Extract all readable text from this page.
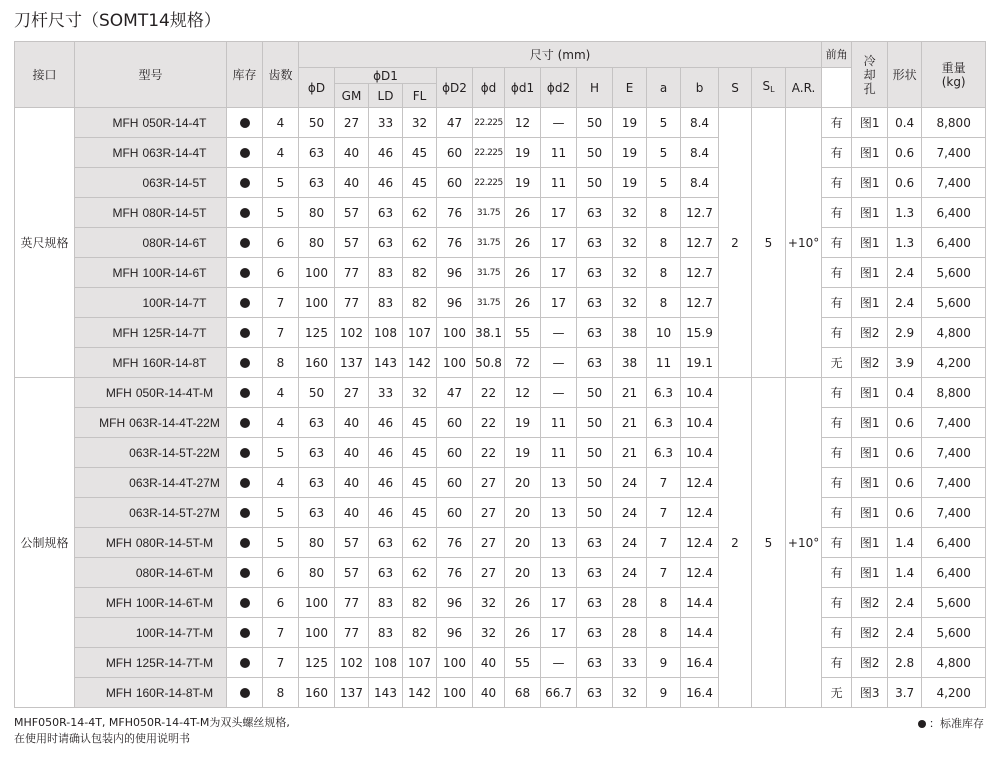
刀杆尺寸（SOMT14规格）
接口	型号	库存	齿数	尺寸 (mm)															前角	冷却孔	形状	重量
(kg)	

				ϕD	ϕD1			ϕD2	ϕd	ϕd1	ϕd2	H	E	a	b	S	$S_L$	A.R.					
					GM	LD	FL																
英尺规格	MFH 050R-14-4T		4	50	27	33	32	47	22.225	12	—	50	19	5	8.4	2	5	+10°	有	图1	0.4	8,800	
	MFH 063R-14-4T		4	63	40	46	45	60	22.225	19	11	50	19	5	8.4				有	图1	0.6	7,400	
	063R-14-5T		5	63	40	46	45	60	22.225	19	11	50	19	5	8.4				有	图1	0.6	7,400	
	MFH 080R-14-5T		5	80	57	63	62	76	31.75	26	17	63	32	8	12.7				有	图1	1.3	6,400	
	080R-14-6T		6	80	57	63	62	76	31.75	26	17	63	32	8	12.7				有	图1	1.3	6,400	
	MFH 100R-14-6T		6	100	77	83	82	96	31.75	26	17	63	32	8	12.7				有	图1	2.4	5,600	
	100R-14-7T		7	100	77	83	82	96	31.75	26	17	63	32	8	12.7				有	图1	2.4	5,600	
	MFH 125R-14-7T		7	125	102	108	107	100	38.1	55	—	63	38	10	15.9				有	图2	2.9	4,800	
	MFH 160R-14-8T		8	160	137	143	142	100	50.8	72	—	63	38	11	19.1				无	图2	3.9	4,200	
公制规格	MFH 050R-14-4T-M		4	50	27	33	32	47	22	12	—	50	21	6.3	10.4	2	5	+10°	有	图1	0.4	8,800	
	MFH 063R-14-4T-22M		4	63	40	46	45	60	22	19	11	50	21	6.3	10.4				有	图1	0.6	7,400	
	063R-14-5T-22M		5	63	40	46	45	60	22	19	11	50	21	6.3	10.4				有	图1	0.6	7,400	
	063R-14-4T-27M		4	63	40	46	45	60	27	20	13	50	24	7	12.4				有	图1	0.6	7,400	
	063R-14-5T-27M		5	63	40	46	45	60	27	20	13	50	24	7	12.4				有	图1	0.6	7,400	
	MFH 080R-14-5T-M		5	80	57	63	62	76	27	20	13	63	24	7	12.4				有	图1	1.4	6,400	
	080R-14-6T-M		6	80	57	63	62	76	27	20	13	63	24	7	12.4				有	图1	1.4	6,400	
	MFH 100R-14-6T-M		6	100	77	83	82	96	32	26	17	63	28	8	14.4				有	图2	2.4	5,600	
	100R-14-7T-M		7	100	77	83	82	96	32	26	17	63	28	8	14.4				有	图2	2.4	5,600	
	MFH 125R-14-7T-M		7	125	102	108	107	100	40	55	—	63	33	9	16.4				有	图2	2.8	4,800	
	MFH 160R-14-8T-M		8	160	137	143	142	100	40	68	66.7	63	32	9	16.4				无	图3	3.7	4,200	
MHF050R-14-4T, MFH050R-14-4T-M为双头螺丝规格,
在使用时请确认包装内的使用说明书
：标准库存
